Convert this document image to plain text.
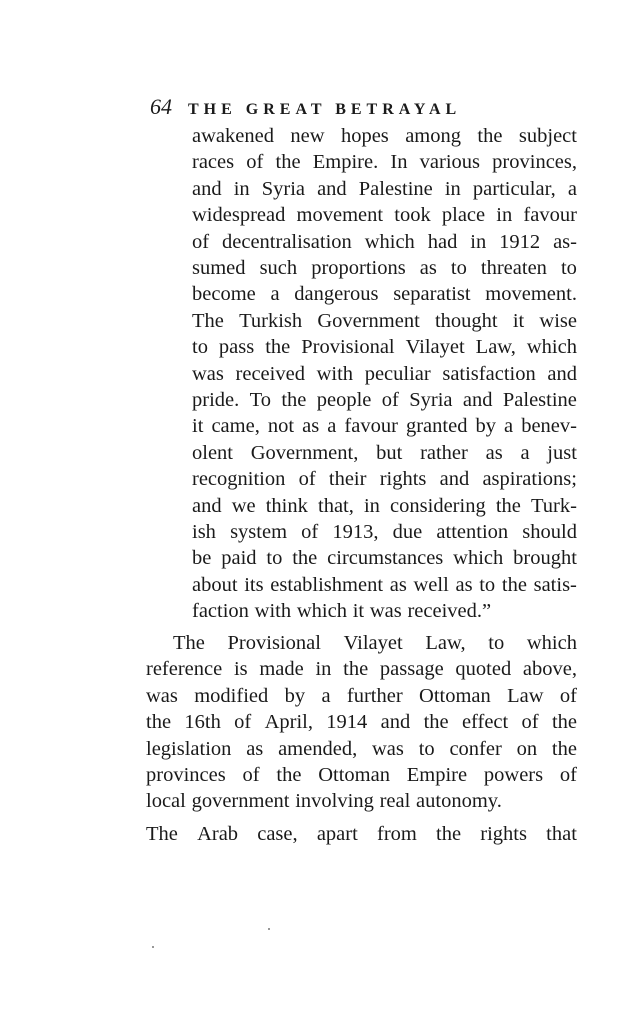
64 THE GREAT BETRAYAL
awakened new hopes among the subject
races of the Empire. In various provinces,
and in Syria and Palestine in particular, a
widespread movement took place in favour
of decentralisation which had in 1912 as-
sumed such proportions as to threaten to
become a dangerous separatist movement.
The Turkish Government thought it wise
to pass the Provisional Vilayet Law, which
was received with peculiar satisfaction and
pride. To the people of Syria and Palestine
it came, not as a favour granted by a benev-
olent Government, but rather as a just
recognition of their rights and aspirations;
and we think that, in considering the Turk-
ish system of 1913, due attention should
be paid to the circumstances which brought
about its establishment as well as to the satis-
faction with which it was received.”
The Provisional Vilayet Law, to which
reference is made in the passage quoted above,
was modified by a further Ottoman Law of
the 16th of April, 1914 and the effect of the
legislation as amended, was to confer on the
provinces of the Ottoman Empire powers of
local government involving real autonomy.
The Arab case, apart from the rights that
